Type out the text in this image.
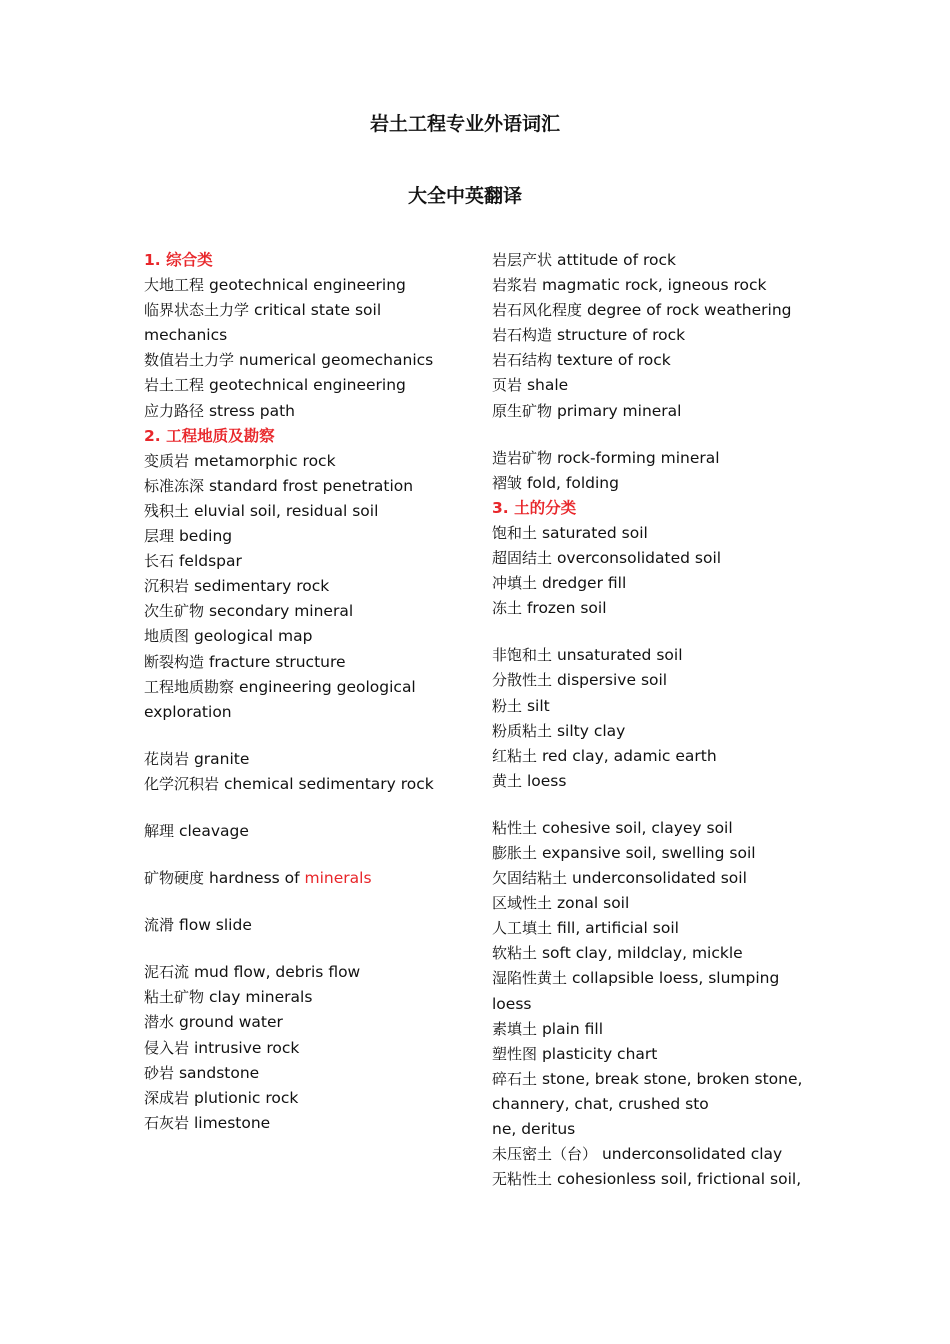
岩土工程专业外语词汇
大全中英翻译
1. 综合类
大地工程 geotechnical engineering
临界状态土力学 critical state soil
mechanics
数值岩土力学 numerical geomechanics
岩土工程 geotechnical engineering
应力路径 stress path
2. 工程地质及勘察
变质岩 metamorphic rock
标准冻深 standard frost penetration
残积土 eluvial soil, residual soil
层理 beding
长石 feldspar
沉积岩 sedimentary rock
次生矿物 secondary mineral
地质图 geological map
断裂构造 fracture structure
工程地质勘察 engineering geological
exploration
花岗岩 granite
化学沉积岩 chemical sedimentary rock
解理 cleavage
矿物硬度 hardness of minerals
流滑 flow slide
泥石流 mud flow, debris flow
粘土矿物 clay minerals
潜水 ground water
侵入岩 intrusive rock
砂岩 sandstone
深成岩 plutionic rock
石灰岩 limestone
岩层产状 attitude of rock
岩浆岩 magmatic rock, igneous rock
岩石风化程度 degree of rock weathering
岩石构造 structure of rock
岩石结构 texture of rock
页岩 shale
原生矿物 primary mineral
造岩矿物 rock-forming mineral
褶皱 fold, folding
3. 土的分类
饱和土 saturated soil
超固结土 overconsolidated soil
冲填土 dredger fill
冻土 frozen soil
非饱和土 unsaturated soil
分散性土 dispersive soil
粉土 silt
粉质粘土 silty clay
红粘土 red clay, adamic earth
黄土 loess
粘性土 cohesive soil, clayey soil
膨胀土 expansive soil, swelling soil
欠固结粘土 underconsolidated soil
区域性土 zonal soil
人工填土 fill, artificial soil
软粘土 soft clay, mildclay, mickle
湿陷性黄土 collapsible loess, slumping
loess
素填土 plain fill
塑性图 plasticity chart
碎石土 stone, break stone, broken stone,
channery, chat, crushed sto
ne, deritus
未压密土（台） underconsolidated clay
无粘性土 cohesionless soil, frictional soil,
